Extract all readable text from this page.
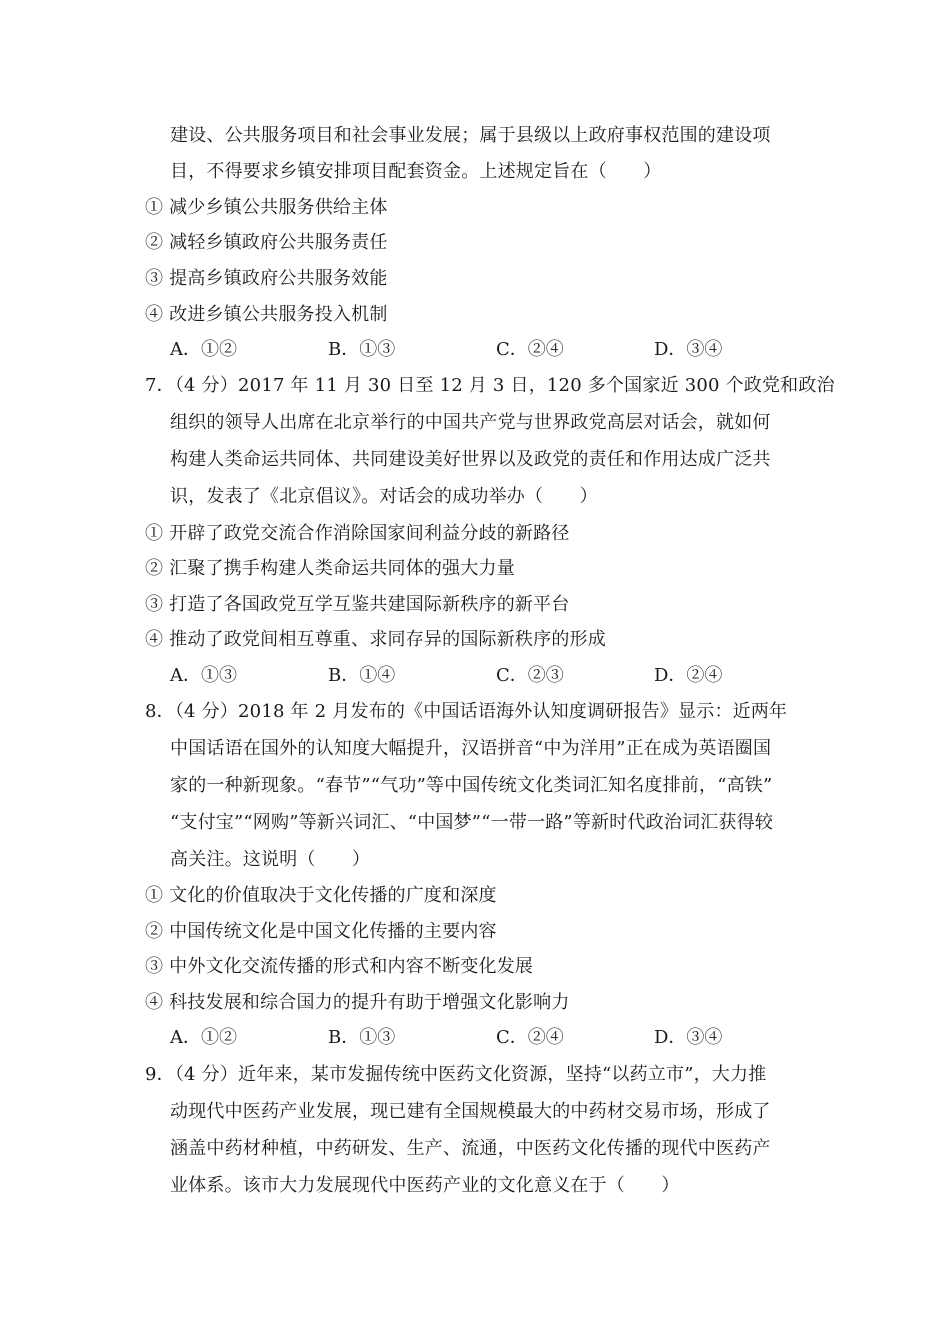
建设、公共服务项目和社会事业发展；属于县级以上政府事权范围的建设项
目，不得要求乡镇安排项目配套资金。上述规定旨在（　　）
① 减少乡镇公共服务供给主体
② 减轻乡镇政府公共服务责任
③ 提高乡镇政府公共服务效能
④ 改进乡镇公共服务投入机制
A．①②	B．①③	C．②④	D．③④
7．（4 分）2017 年 11 月 30 日至 12 月 3 日，120 多个国家近 300 个政党和政治
组织的领导人出席在北京举行的中国共产党与世界政党高层对话会，就如何
构建人类命运共同体、共同建设美好世界以及政党的责任和作用达成广泛共
识，发表了《北京倡议》。对话会的成功举办（　　）
① 开辟了政党交流合作消除国家间利益分歧的新路径
② 汇聚了携手构建人类命运共同体的强大力量
③ 打造了各国政党互学互鉴共建国际新秩序的新平台
④ 推动了政党间相互尊重、求同存异的国际新秩序的形成
A．①③	B．①④	C．②③	D．②④
8．（4 分）2018 年 2 月发布的《中国话语海外认知度调研报告》显示：近两年
中国话语在国外的认知度大幅提升，汉语拼音“中为洋用”正在成为英语圈国
家的一种新现象。“春节”“气功”等中国传统文化类词汇知名度排前，“高铁”
“支付宝”“网购”等新兴词汇、“中国梦”“一带一路”等新时代政治词汇获得较
高关注。这说明（　　）
① 文化的价值取决于文化传播的广度和深度
② 中国传统文化是中国文化传播的主要内容
③ 中外文化交流传播的形式和内容不断变化发展
④ 科技发展和综合国力的提升有助于增强文化影响力
A．①②	B．①③	C．②④	D．③④
9．（4 分）近年来，某市发掘传统中医药文化资源，坚持“以药立市”，大力推
动现代中医药产业发展，现已建有全国规模最大的中药材交易市场，形成了
涵盖中药材种植，中药研发、生产、流通，中医药文化传播的现代中医药产
业体系。该市大力发展现代中医药产业的文化意义在于（　　）
